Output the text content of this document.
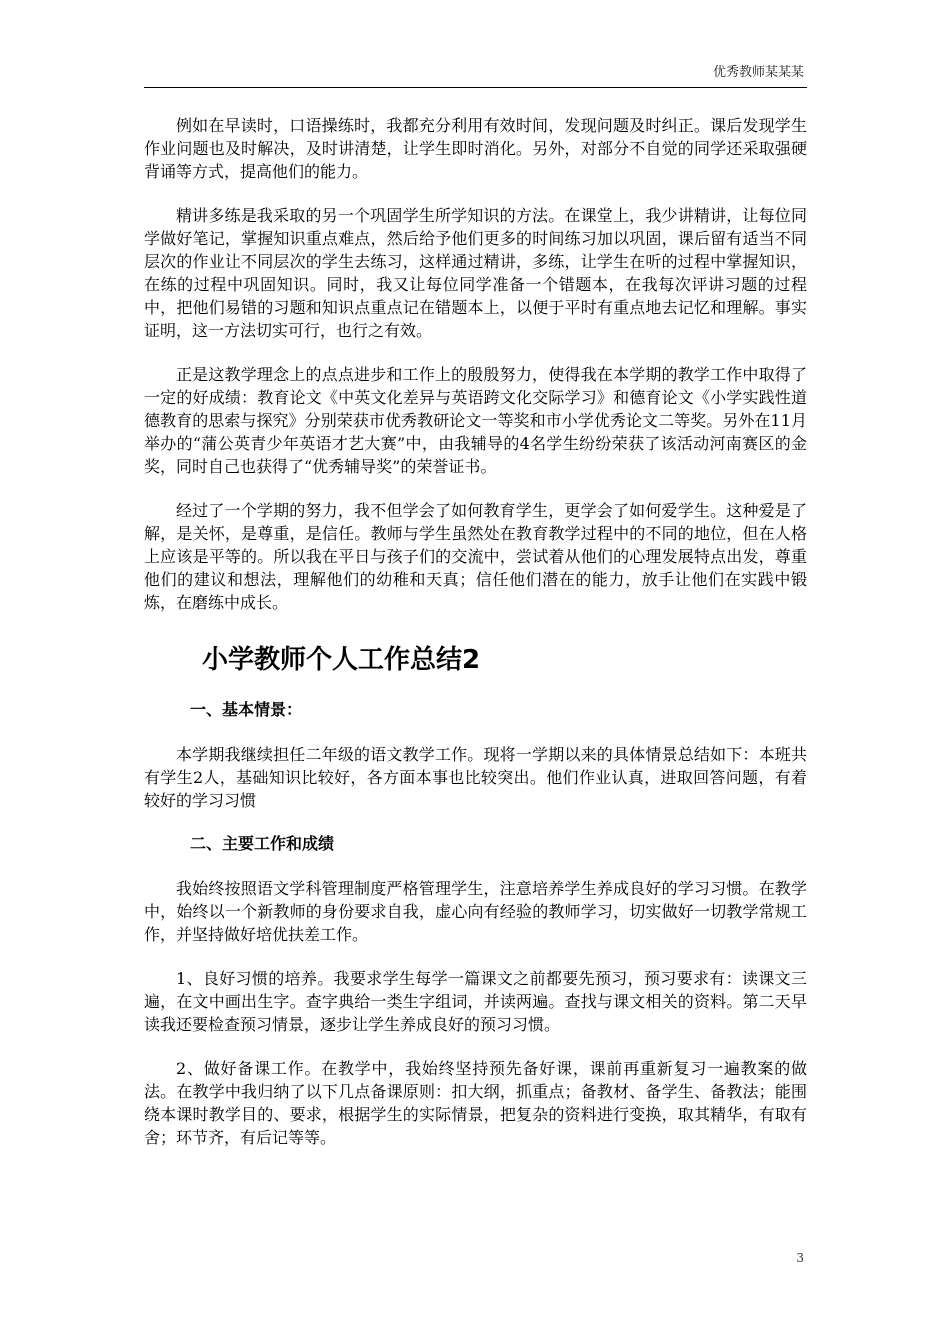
优秀教师某某某

例如在早读时，口语操练时，我都充分利用有效时间，发现问题及时纠正。课后发现学生作业问题也及时解决，及时讲清楚，让学生即时消化。另外，对部分不自觉的同学还采取强硬背诵等方式，提高他们的能力。

精讲多练是我采取的另一个巩固学生所学知识的方法。在课堂上，我少讲精讲，让每位同学做好笔记，掌握知识重点难点，然后给予他们更多的时间练习加以巩固，课后留有适当不同层次的作业让不同层次的学生去练习，这样通过精讲，多练，让学生在听的过程中掌握知识，在练的过程中巩固知识。同时，我又让每位同学准备一个错题本，在我每次评讲习题的过程中，把他们易错的习题和知识点重点记在错题本上，以便于平时有重点地去记忆和理解。事实证明，这一方法切实可行，也行之有效。

正是这教学理念上的点点进步和工作上的殷殷努力，使得我在本学期的教学工作中取得了一定的好成绩：教育论文《中英文化差异与英语跨文化交际学习》和德育论文《小学实践性道德教育的思索与探究》分别荣获市优秀教研论文一等奖和市小学优秀论文二等奖。另外在11月举办的“蒲公英青少年英语才艺大赛”中，由我辅导的4名学生纷纷荣获了该活动河南赛区的金奖，同时自己也获得了“优秀辅导奖”的荣誉证书。

经过了一个学期的努力，我不但学会了如何教育学生，更学会了如何爱学生。这种爱是了解，是关怀，是尊重，是信任。教师与学生虽然处在教育教学过程中的不同的地位，但在人格上应该是平等的。所以我在平日与孩子们的交流中，尝试着从他们的心理发展特点出发，尊重他们的建议和想法，理解他们的幼稚和天真；信任他们潜在的能力，放手让他们在实践中锻炼，在磨练中成长。

小学教师个人工作总结2
一、基本情景：

本学期我继续担任二年级的语文教学工作。现将一学期以来的具体情景总结如下：本班共有学生2人，基础知识比较好，各方面本事也比较突出。他们作业认真，进取回答问题，有着较好的学习习惯

二、主要工作和成绩

我始终按照语文学科管理制度严格管理学生，注意培养学生养成良好的学习习惯。在教学中，始终以一个新教师的身份要求自我，虚心向有经验的教师学习，切实做好一切教学常规工作，并坚持做好培优扶差工作。

1、良好习惯的培养。我要求学生每学一篇课文之前都要先预习，预习要求有：读课文三遍，在文中画出生字。查字典给一类生字组词，并读两遍。查找与课文相关的资料。第二天早读我还要检查预习情景，逐步让学生养成良好的预习习惯。

2、做好备课工作。在教学中，我始终坚持预先备好课，课前再重新复习一遍教案的做法。在教学中我归纳了以下几点备课原则：扣大纲，抓重点；备教材、备学生、备教法；能围绕本课时教学目的、要求，根据学生的实际情景，把复杂的资料进行变换，取其精华，有取有舍；环节齐，有后记等等。

3
